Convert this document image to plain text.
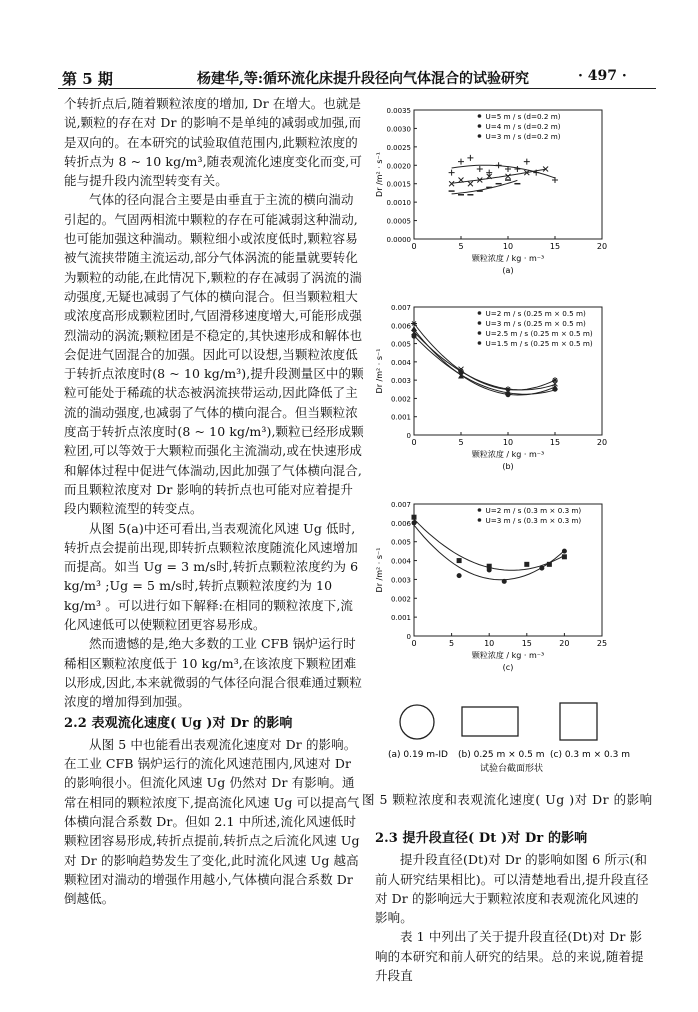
第 5 期	杨建华,等:循环流化床提升段径向气体混合的试验研究	· 497 ·

个转折点后,随着颗粒浓度的增加, Dr 在增大。也就是说,颗粒的存在对 Dr 的影响不是单纯的减弱或加强,而是双向的。在本研究的试验取值范围内,此颗粒浓度的转折点为 8 ~ 10 kg/m³,随表观流化速度变化而变,可能与提升段内流型转变有关。

气体的径向混合主要是由垂直于主流的横向湍动引起的。气固两相流中颗粒的存在可能减弱这种湍动,也可能加强这种湍动。颗粒细小或浓度低时,颗粒容易被气流挟带随主流运动,部分气体涡流的能量就要转化为颗粒的动能,在此情况下,颗粒的存在减弱了涡流的湍动强度,无疑也减弱了气体的横向混合。但当颗粒粗大或浓度高形成颗粒团时,气固滑移速度增大,可能形成强烈湍动的涡流;颗粒团是不稳定的,其快速形成和解体也会促进气固混合的加强。因此可以设想,当颗粒浓度低于转折点浓度时(8 ~ 10 kg/m³),提升段测量区中的颗粒可能处于稀疏的状态被涡流挟带运动,因此降低了主流的湍动强度,也减弱了气体的横向混合。但当颗粒浓度高于转折点浓度时(8 ~ 10 kg/m³),颗粒已经形成颗粒团,可以等效于大颗粒而强化主流湍动,或在快速形成和解体过程中促进气体湍动,因此加强了气体横向混合,而且颗粒浓度对 Dr 影响的转折点也可能对应着提升段内颗粒流型的转变点。

从图 5(a)中还可看出,当表观流化风速 Ug 低时,转折点会提前出现,即转折点颗粒浓度随流化风速增加而提高。如当 Ug = 3 m/s时,转折点颗粒浓度约为 6 kg/m³ ;Ug = 5 m/s时,转折点颗粒浓度约为 10 kg/m³ 。可以进行如下解释:在相同的颗粒浓度下,流化风速低可以使颗粒团更容易形成。

然而遗憾的是,绝大多数的工业 CFB 锅炉运行时稀相区颗粒浓度低于 10 kg/m³,在该浓度下颗粒团难以形成,因此,本来就微弱的气体径向混合很难通过颗粒浓度的增加得到加强。

2.2 表观流化速度( Ug )对 Dr 的影响

从图 5 中也能看出表观流化速度对 Dr 的影响。在工业 CFB 锅炉运行的流化风速范围内,风速对 Dr 的影响很小。但流化风速 Ug 仍然对 Dr 有影响。通常在相同的颗粒浓度下,提高流化风速 Ug 可以提高气体横向混合系数 Dr。但如 2.1 中所述,流化风速低时颗粒团容易形成,转折点提前,转折点之后流化风速 Ug 对 Dr 的影响趋势发生了变化,此时流化风速 Ug 越高颗粒团对湍动的增强作用越小,气体横向混合系数 Dr 倒越低。

0.0000
0.0005
0.0010
0.0015
0.0020
0.0025
0.0030
0.0035
0	5	10	15	20
颗粒浓度 / kg · m⁻³
Dr /m² · s⁻¹
(a)
U=5 m / s (d=0.2 m)
U=4 m / s (d=0.2 m)
U=3 m / s (d=0.2 m)
0
0.001
0.002
0.003
0.004
0.005
0.006
0.007
0	5	10	15	20
颗粒浓度 / kg · m⁻³
Dr /m² · s⁻¹
(b)
U=2 m / s (0.25 m × 0.5 m)
U=3 m / s (0.25 m × 0.5 m)
U=2.5 m / s (0.25 m × 0.5 m)
U=1.5 m / s (0.25 m × 0.5 m)
0
0.001
0.002
0.003
0.004
0.005
0.006
0.007
0	5	10	15	20	25
颗粒浓度 / kg · m⁻³
Dr /m² · s⁻¹
(c)
U=2 m / s (0.3 m × 0.3 m)
U=3 m / s (0.3 m × 0.3 m)
(a) 0.19 m-ID (b) 0.25 m × 0.5 m (c) 0.3 m × 0.3 m
试验台截面形状
图 5 颗粒浓度和表观流化速度( Ug )对 Dr 的影响
2.3 提升段直径( Dt )对 Dr 的影响

提升段直径(Dt)对 Dr 的影响如图 6 所示(和前人研究结果相比)。可以清楚地看出,提升段直径对 Dr 的影响远大于颗粒浓度和表观流化风速的影响。

表 1 中列出了关于提升段直径(Dt)对 Dr 影响的本研究和前人研究的结果。总的来说,随着提升段直
